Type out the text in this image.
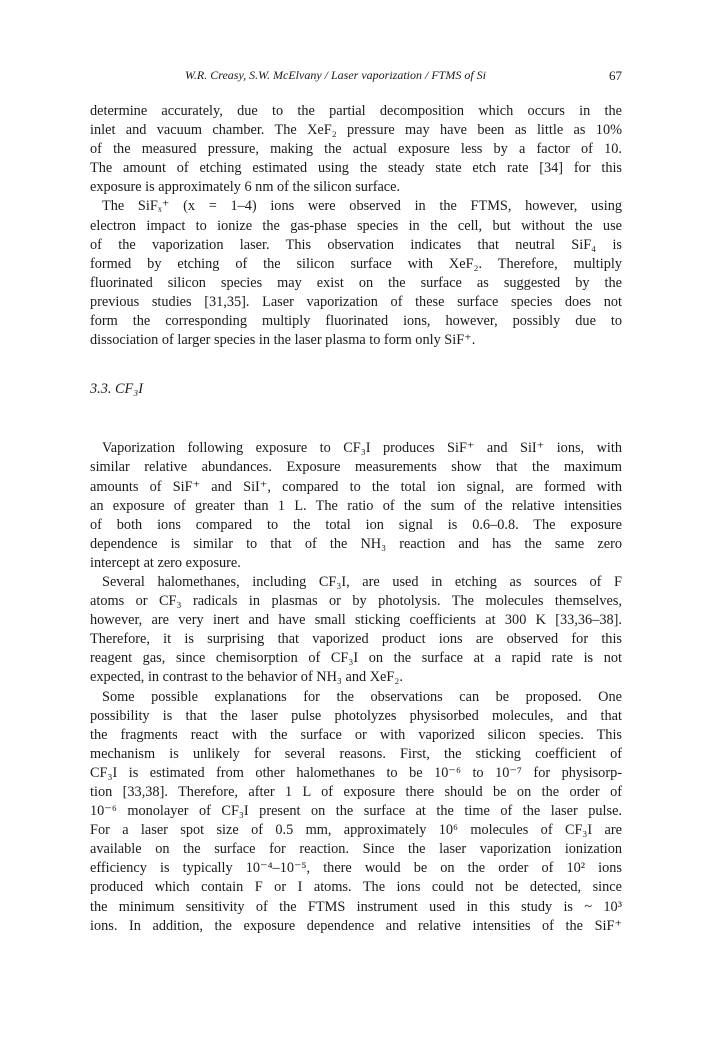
W.R. Creasy, S.W. McElvany / Laser vaporization / FTMS of Si	67
determine accurately, due to the partial decomposition which occurs in the
inlet and vacuum chamber. The XeF₂ pressure may have been as little as 10%
of the measured pressure, making the actual exposure less by a factor of 10.
The amount of etching estimated using the steady state etch rate [34] for this
exposure is approximately 6 nm of the silicon surface.
The SiFₓ⁺ (x = 1–4) ions were observed in the FTMS, however, using
electron impact to ionize the gas-phase species in the cell, but without the use
of the vaporization laser. This observation indicates that neutral SiF₄ is
formed by etching of the silicon surface with XeF₂. Therefore, multiply
fluorinated silicon species may exist on the surface as suggested by the
previous studies [31,35]. Laser vaporization of these surface species does not
form the corresponding multiply fluorinated ions, however, possibly due to
dissociation of larger species in the laser plasma to form only SiF⁺.
3.3. CF₃I
Vaporization following exposure to CF₃I produces SiF⁺ and SiI⁺ ions, with
similar relative abundances. Exposure measurements show that the maximum
amounts of SiF⁺ and SiI⁺, compared to the total ion signal, are formed with
an exposure of greater than 1 L. The ratio of the sum of the relative intensities
of both ions compared to the total ion signal is 0.6–0.8. The exposure
dependence is similar to that of the NH₃ reaction and has the same zero
intercept at zero exposure.
Several halomethanes, including CF₃I, are used in etching as sources of F
atoms or CF₃ radicals in plasmas or by photolysis. The molecules themselves,
however, are very inert and have small sticking coefficients at 300 K [33,36–38].
Therefore, it is surprising that vaporized product ions are observed for this
reagent gas, since chemisorption of CF₃I on the surface at a rapid rate is not
expected, in contrast to the behavior of NH₃ and XeF₂.
Some possible explanations for the observations can be proposed. One
possibility is that the laser pulse photolyzes physisorbed molecules, and that
the fragments react with the surface or with vaporized silicon species. This
mechanism is unlikely for several reasons. First, the sticking coefficient of
CF₃I is estimated from other halomethanes to be 10⁻⁶ to 10⁻⁷ for physisorp-
tion [33,38]. Therefore, after 1 L of exposure there should be on the order of
10⁻⁶ monolayer of CF₃I present on the surface at the time of the laser pulse.
For a laser spot size of 0.5 mm, approximately 10⁶ molecules of CF₃I are
available on the surface for reaction. Since the laser vaporization ionization
efficiency is typically 10⁻⁴–10⁻⁵, there would be on the order of 10² ions
produced which contain F or I atoms. The ions could not be detected, since
the minimum sensitivity of the FTMS instrument used in this study is ~ 10³
ions. In addition, the exposure dependence and relative intensities of the SiF⁺
